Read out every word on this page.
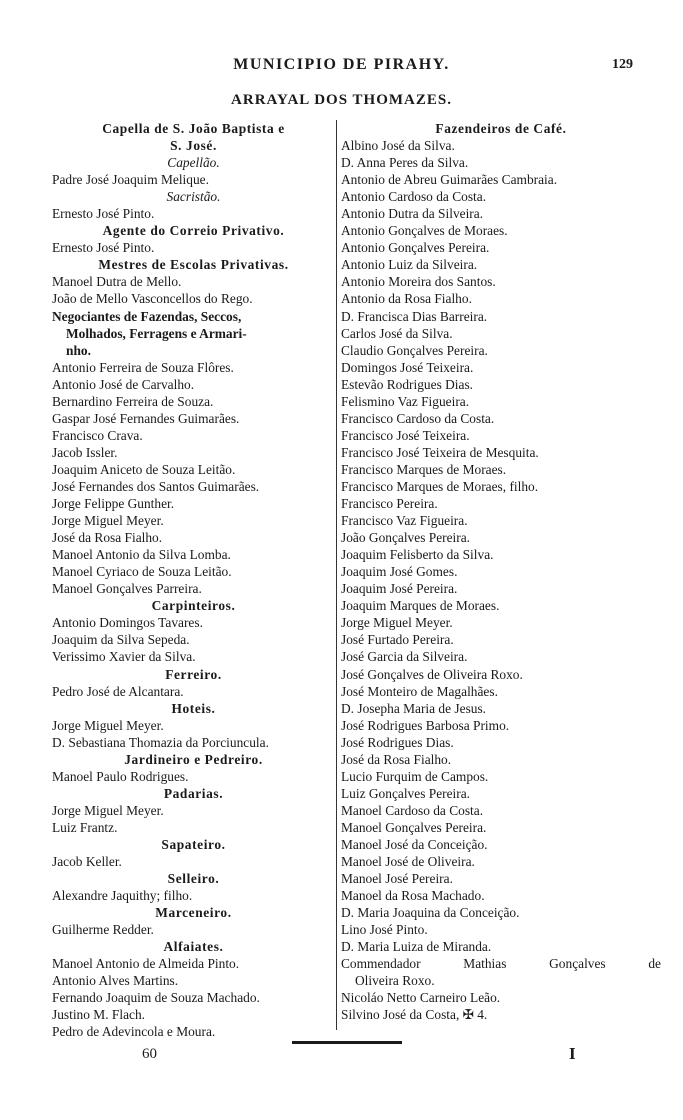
MUNICIPIO DE PIRAHY.	129
ARRAYAL DOS THOMAZES.
Capella de S. João Baptista e
S. José.
Capellão.
Padre José Joaquim Melique.
Sacristão.
Ernesto José Pinto.
Agente do Correio Privativo.
Ernesto José Pinto.
Mestres de Escolas Privativas.
Manoel Dutra de Mello.
João de Mello Vasconcellos do Rego.
Negociantes de Fazendas, Seccos,
Molhados, Ferragens e Armari-
nho.
Antonio Ferreira de Souza Flôres.
Antonio José de Carvalho.
Bernardino Ferreira de Souza.
Gaspar José Fernandes Guimarães.
Francisco Crava.
Jacob Issler.
Joaquim Aniceto de Souza Leitão.
José Fernandes dos Santos Guimarães.
Jorge Felippe Gunther.
Jorge Miguel Meyer.
José da Rosa Fialho.
Manoel Antonio da Silva Lomba.
Manoel Cyriaco de Souza Leitão.
Manoel Gonçalves Parreira.
Carpinteiros.
Antonio Domingos Tavares.
Joaquim da Silva Sepeda.
Verissimo Xavier da Silva.
Ferreiro.
Pedro José de Alcantara.
Hoteis.
Jorge Miguel Meyer.
D. Sebastiana Thomazia da Porciuncula.
Jardineiro e Pedreiro.
Manoel Paulo Rodrigues.
Padarias.
Jorge Miguel Meyer.
Luiz Frantz.
Sapateiro.
Jacob Keller.
Selleiro.
Alexandre Jaquithy; filho.
Marceneiro.
Guilherme Redder.
Alfaiates.
Manoel Antonio de Almeida Pinto.
Antonio Alves Martins.
Fernando Joaquim de Souza Machado.
Justino M. Flach.
Pedro de Adevincola e Moura.
Fazendeiros de Café.
Albino José da Silva.
D. Anna Peres da Silva.
Antonio de Abreu Guimarães Cambraia.
Antonio Cardoso da Costa.
Antonio Dutra da Silveira.
Antonio Gonçalves de Moraes.
Antonio Gonçalves Pereira.
Antonio Luiz da Silveira.
Antonio Moreira dos Santos.
Antonio da Rosa Fialho.
D. Francisca Dias Barreira.
Carlos José da Silva.
Claudio Gonçalves Pereira.
Domingos José Teixeira.
Estevão Rodrigues Dias.
Felismino Vaz Figueira.
Francisco Cardoso da Costa.
Francisco José Teixeira.
Francisco José Teixeira de Mesquita.
Francisco Marques de Moraes.
Francisco Marques de Moraes, filho.
Francisco Pereira.
Francisco Vaz Figueira.
João Gonçalves Pereira.
Joaquim Felisberto da Silva.
Joaquim José Gomes.
Joaquim José Pereira.
Joaquim Marques de Moraes.
Jorge Miguel Meyer.
José Furtado Pereira.
José Garcia da Silveira.
José Gonçalves de Oliveira Roxo.
José Monteiro de Magalhães.
D. Josepha Maria de Jesus.
José Rodrigues Barbosa Primo.
José Rodrigues Dias.
José da Rosa Fialho.
Lucio Furquim de Campos.
Luiz Gonçalves Pereira.
Manoel Cardoso da Costa.
Manoel Gonçalves Pereira.
Manoel José da Conceição.
Manoel José de Oliveira.
Manoel José Pereira.
Manoel da Rosa Machado.
D. Maria Joaquina da Conceição.
Lino José Pinto.
D. Maria Luiza de Miranda.
Commendador Mathias Gonçalves de
Oliveira Roxo.
Nicoláo Netto Carneiro Leão.
Silvino José da Costa, ✠ 4.
60	I
